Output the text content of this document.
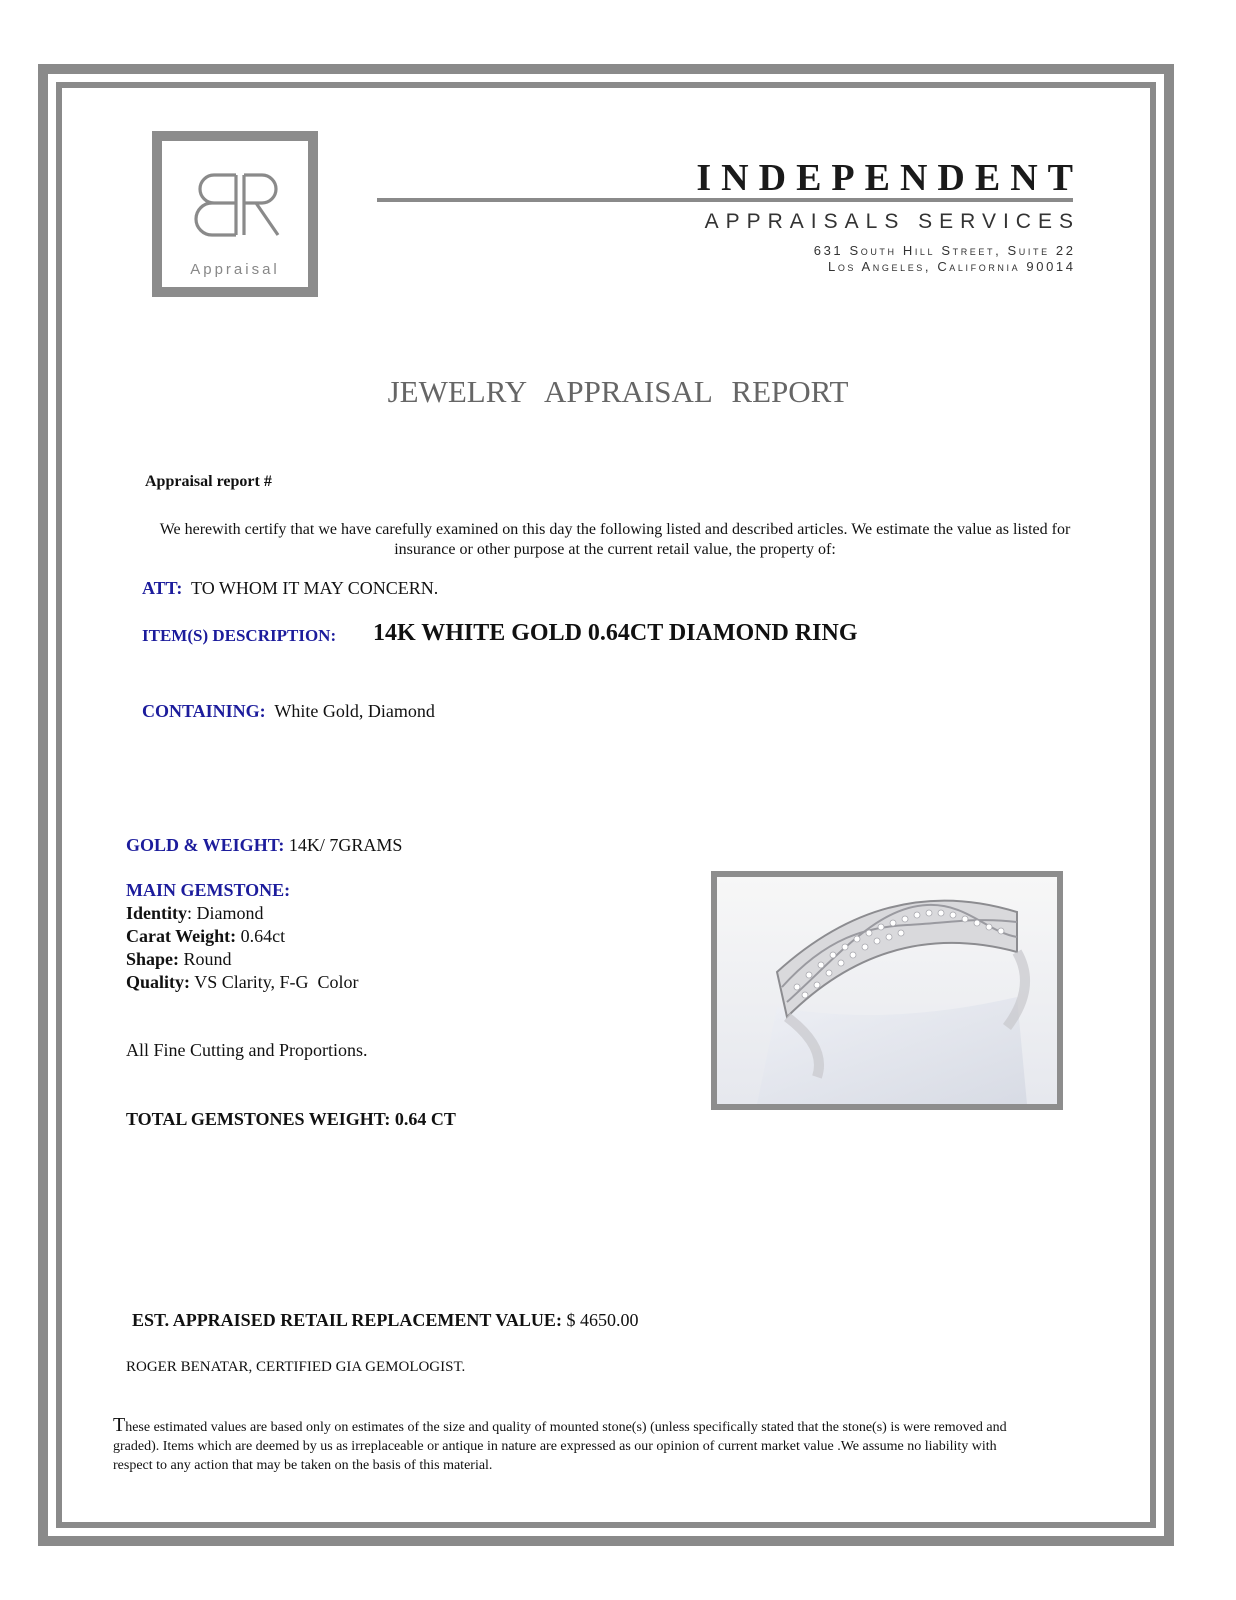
Appraisal
INDEPENDENT
APPRAISALS SERVICES
631 South Hill Street, Suite 22
Los Angeles, California 90014
JEWELRY APPRAISAL REPORT
Appraisal report #
We herewith certify that we have carefully examined on this day the following listed and described articles. We estimate the value as listed for insurance or other purpose at the current retail value, the property of:
ATT: TO WHOM IT MAY CONCERN.
ITEM(S) DESCRIPTION: 14K WHITE GOLD 0.64CT DIAMOND RING
CONTAINING: White Gold, Diamond
GOLD & WEIGHT: 14K/ 7GRAMS
MAIN GEMSTONE:
Identity: Diamond
Carat Weight: 0.64ct
Shape: Round
Quality: VS Clarity, F-G  Color
All Fine Cutting and Proportions.
TOTAL GEMSTONES WEIGHT: 0.64 CT
EST. APPRAISED RETAIL REPLACEMENT VALUE: $ 4650.00
ROGER BENATAR, CERTIFIED GIA GEMOLOGIST.
These estimated values are based only on estimates of the size and quality of mounted stone(s) (unless specifically stated that the stone(s) is were removed and graded). Items which are deemed by us as irreplaceable or antique in nature are expressed as our opinion of current market value .We assume no liability with respect to any action that may be taken on the basis of this material.
